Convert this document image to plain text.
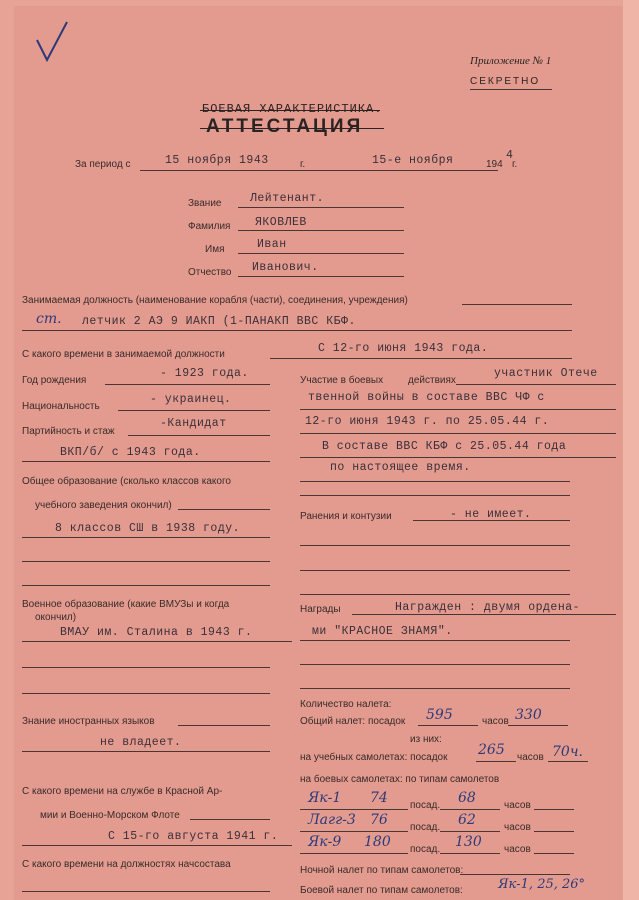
Приложение № 1
СЕКРЕТНО
БОЕВАЯ ХАРАКТЕРИСТИКА.
АТТЕСТАЦИЯ
За период с	15 ноября 1943	г.	15-е ноября	194
4
г.
Звание Лейтенант.
Фамилия ЯКОВЛЕВ
Имя	Иван
Отчество Иванович.
Занимаемая должность (наименование корабля (части), соединения, учреждения)
ст. летчик 2 АЭ 9 ИАКП (1-ПАНАКП ВВС КБФ.
С какого времени в занимаемой должности	С 12-го июня 1943 года.
Год рождения
- 1923 года.
Национальность
- украинец.
Партийность и стаж
-Кандидат
ВКП/б/ с 1943 года.
Общее образование (сколько классов какого
учебного заведения окончил)
8 классов СШ в 1938 году.
Военное образование (какие ВМУЗы и когда
окончил)
ВМАУ им. Сталина в 1943 г.
Знание иностранных языков
не владеет.
С какого времени на службе в Красной Ар-
мии и Военно-Морском Флоте
С 15-го августа 1941 г.
С какого времени на должностях начсостава
Участие в боевых действиях
участник Отече
твенной войны в составе ВВС ЧФ с
12-го июня 1943 г. по 25.05.44 г.
В составе ВВС КБФ с 25.05.44 года
по настоящее время.
Ранения и контузии	- не имеет.
Награды	Награжден : двумя ордена-
ми "КРАСНОЕ ЗНАМЯ".
Количество налета:
Общий налет: посадок 595	часов 330
из них:
на учебных самолетах: посадок 265 часов 70ч.
на боевых самолетах: по типам самолетов
Як-1 74 посад. 68	часов
Лагг-3 76 посад. 62	часов
Як-9 180 посад. 130 часов
Ночной налет по типам самолетов:
Боевой налет по типам самолетов:	Як-1, 25, 26°
